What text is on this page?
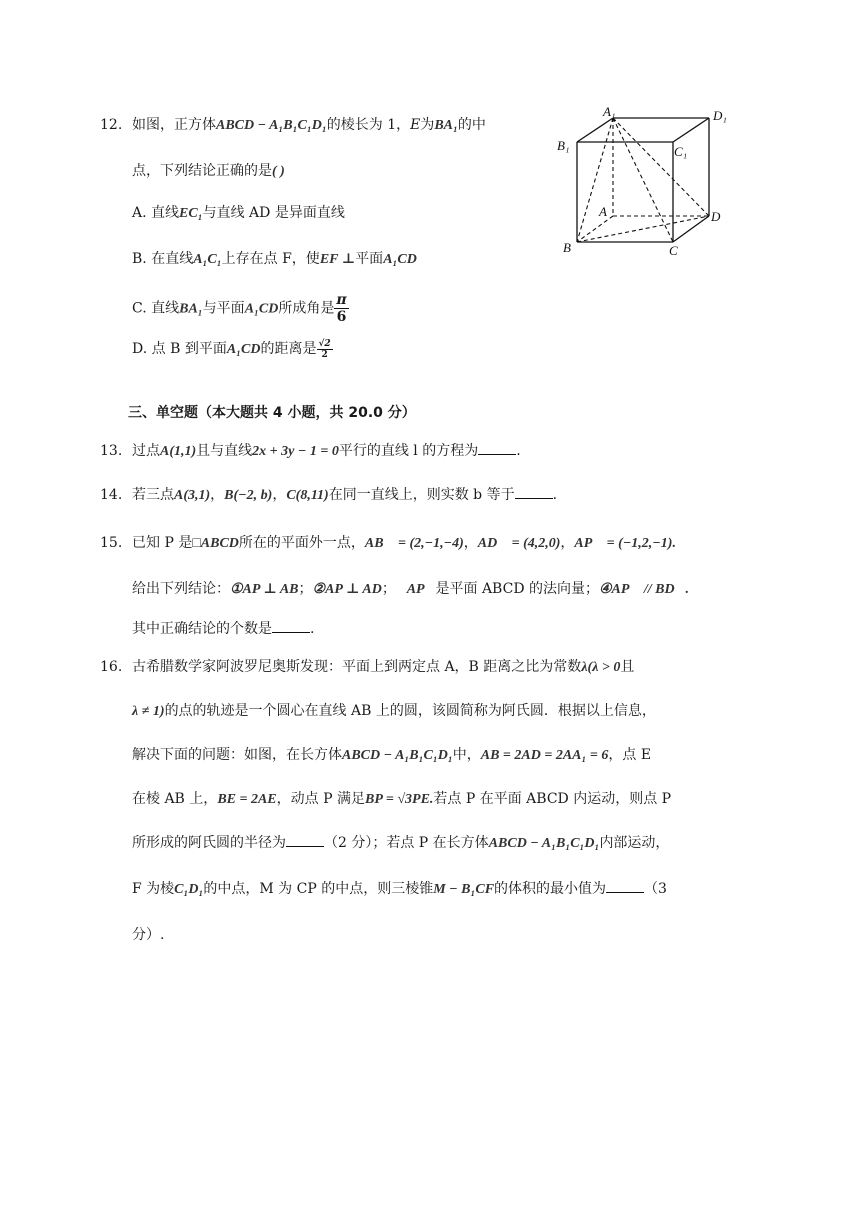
12. 如图，正方体ABCD − A₁B₁C₁D₁的棱长为 1，E为BA₁的中
点，下列结论正确的是( )
A. 直线EC₁与直线 AD 是异面直线
B. 在直线A₁C₁上存在点 F，使EF ⊥平面A₁CD
C. 直线BA₁与平面A₁CD所成角是 $\frac{\pi}{6}$
D. 点 B 到平面A₁CD的距离是 $\frac{√2}{2}$
A₁	D₁
B₁	C₁
A	D
B	C
三、单空题（本大题共 4 小题，共 20.0 分）
13. 过点A(1,1)且与直线2x + 3y − 1 = 0平行的直线 l 的方程为	.
14. 若三点A(3,1)，B(−2, b)，C(8,11)在同一直线上，则实数 b 等于	.
15. 已知 P 是□ABCD所在的平面外一点，AB⃗ = (2,−1,−4)，AD⃗ = (4,2,0)，AP⃗ = (−1,2,−1).
给出下列结论：①AP ⊥ AB；②AP ⊥ AD；③AP⃗是平面 ABCD 的法向量；④AP⃗ // BD⃗.
其中正确结论的个数是	.
16. 古希腊数学家阿波罗尼奥斯发现：平面上到两定点 A，B 距离之比为常数λ(λ > 0且
λ ≠ 1)的点的轨迹是一个圆心在直线 AB 上的圆，该圆简称为阿氏圆．根据以上信息，
解决下面的问题：如图，在长方体ABCD − A₁B₁C₁D₁中，AB = 2AD = 2AA₁ = 6，点 E
在棱 AB 上，BE = 2AE，动点 P 满足BP = √3PE.若点 P 在平面 ABCD 内运动，则点 P
所形成的阿氏圆的半径为	（2 分）；若点 P 在长方体ABCD − A₁B₁C₁D₁内部运动，
F 为棱C₁D₁的中点，M 为 CP 的中点，则三棱锥M − B₁CF的体积的最小值为	（3
分）.
